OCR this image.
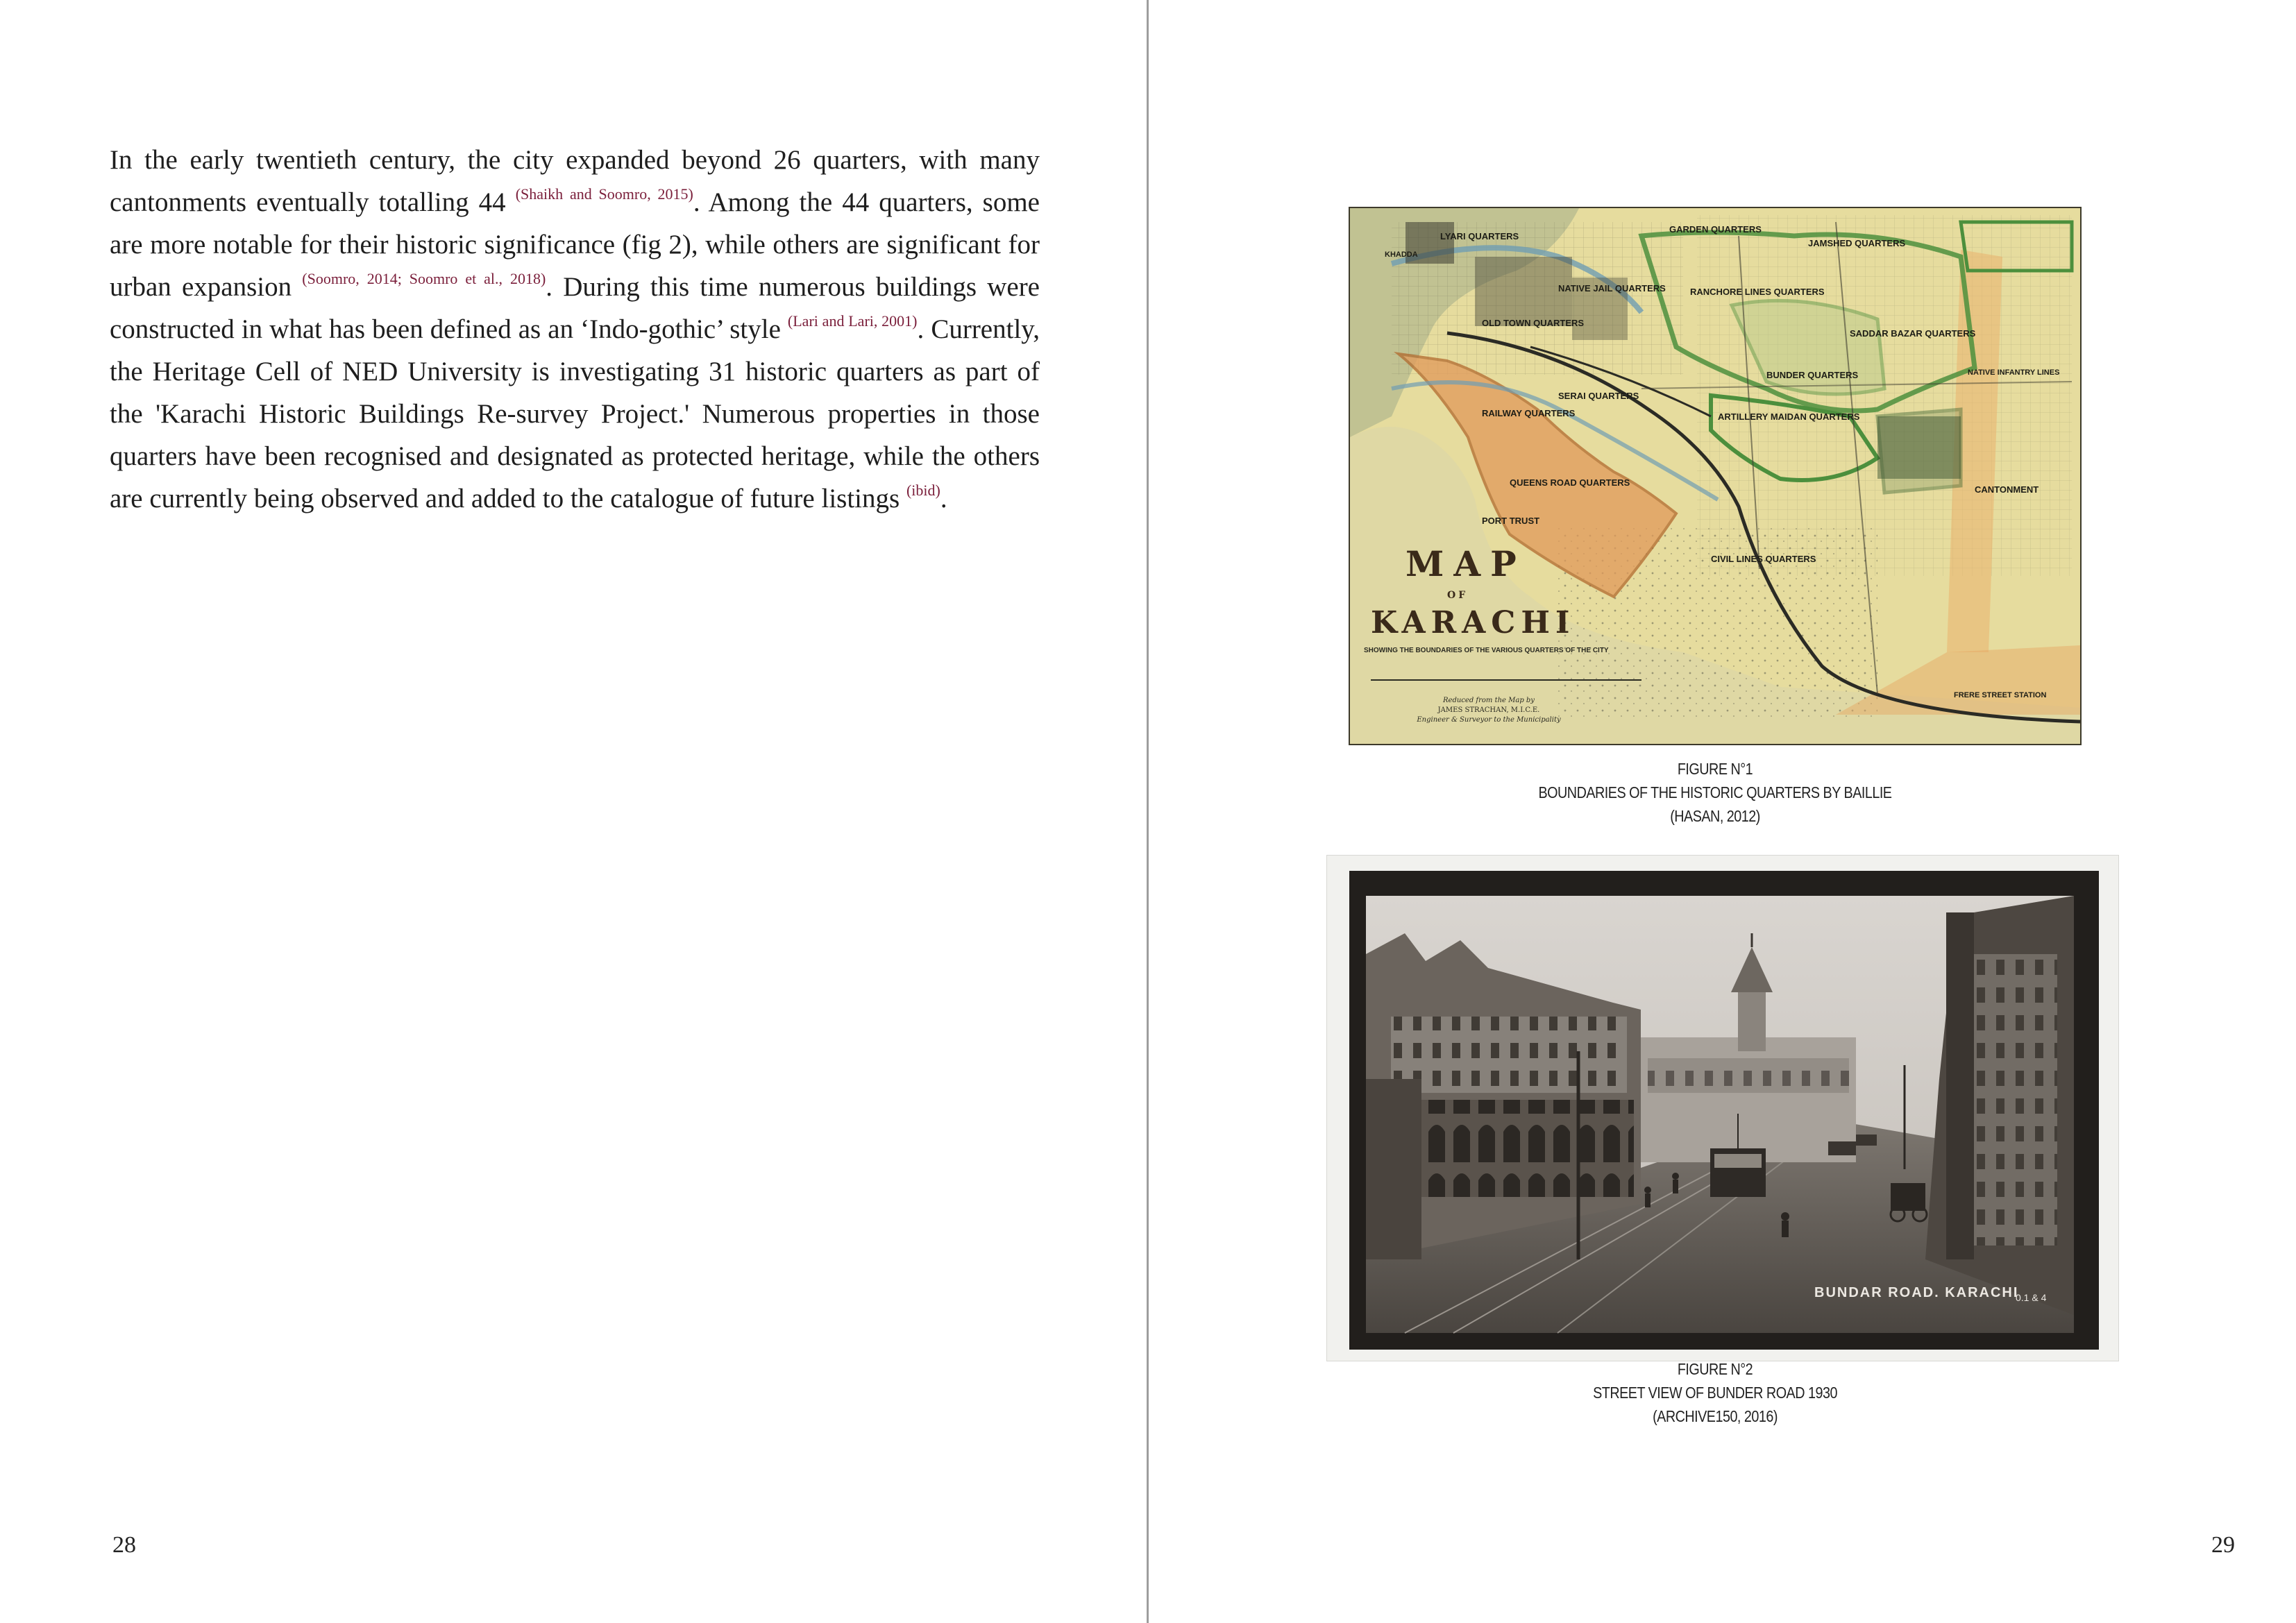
In the early twentieth century, the city expanded beyond 26 quarters, with many cantonments eventually totalling 44 $^{(Shaikh and Soomro, 2015)}$. Among the 44 quarters, some are more notable for their historic significance (fig 2), while others are significant for urban expansion $^{(Soomro, 2014; Soomro et al., 2018)}$. During this time numerous buildings were constructed in what has been defined as an ‘Indo-gothic’ style $^{(Lari and Lari, 2001)}$. Currently, the Heritage Cell of NED University is investigating 31 historic quarters as part of the 'Karachi Historic Buildings Re-survey Project.' Numerous properties in those quarters have been recognised and designated as protected heritage, while the others are currently being observed and added to the catalogue of future listings $^{(ibid)}$.

28
LYARI QUARTERS
GARDEN QUARTERS
JAMSHED QUARTERS
KHADDA
OLD TOWN QUARTERS
NATIVE JAIL QUARTERS	RANCHORE LINES QUARTERS
BUNDER QUARTERS
SADDAR BAZAR QUARTERS
SERAI QUARTERS
RAILWAY QUARTERS	ARTILLERY MAIDAN QUARTERS
NATIVE INFANTRY LINES
QUEENS ROAD QUARTERS
PORT TRUST
CIVIL LINES QUARTERS
CANTONMENT
FRERE STREET STATION
MAP
OF
KARACHI
SHOWING THE BOUNDARIES OF THE VARIOUS QUARTERS OF THE CITY
Reduced from the Map by
JAMES STRACHAN, M.I.C.E.
Engineer & Surveyor to the Municipality
FIGURE N°1
BOUNDARIES OF THE HISTORIC QUARTERS BY BAILLIE
(HASAN, 2012)
BUNDAR ROAD. KARACHI
0.1 & 4
FIGURE N°2
STREET VIEW OF BUNDER ROAD 1930
(ARCHIVE150, 2016)
29
